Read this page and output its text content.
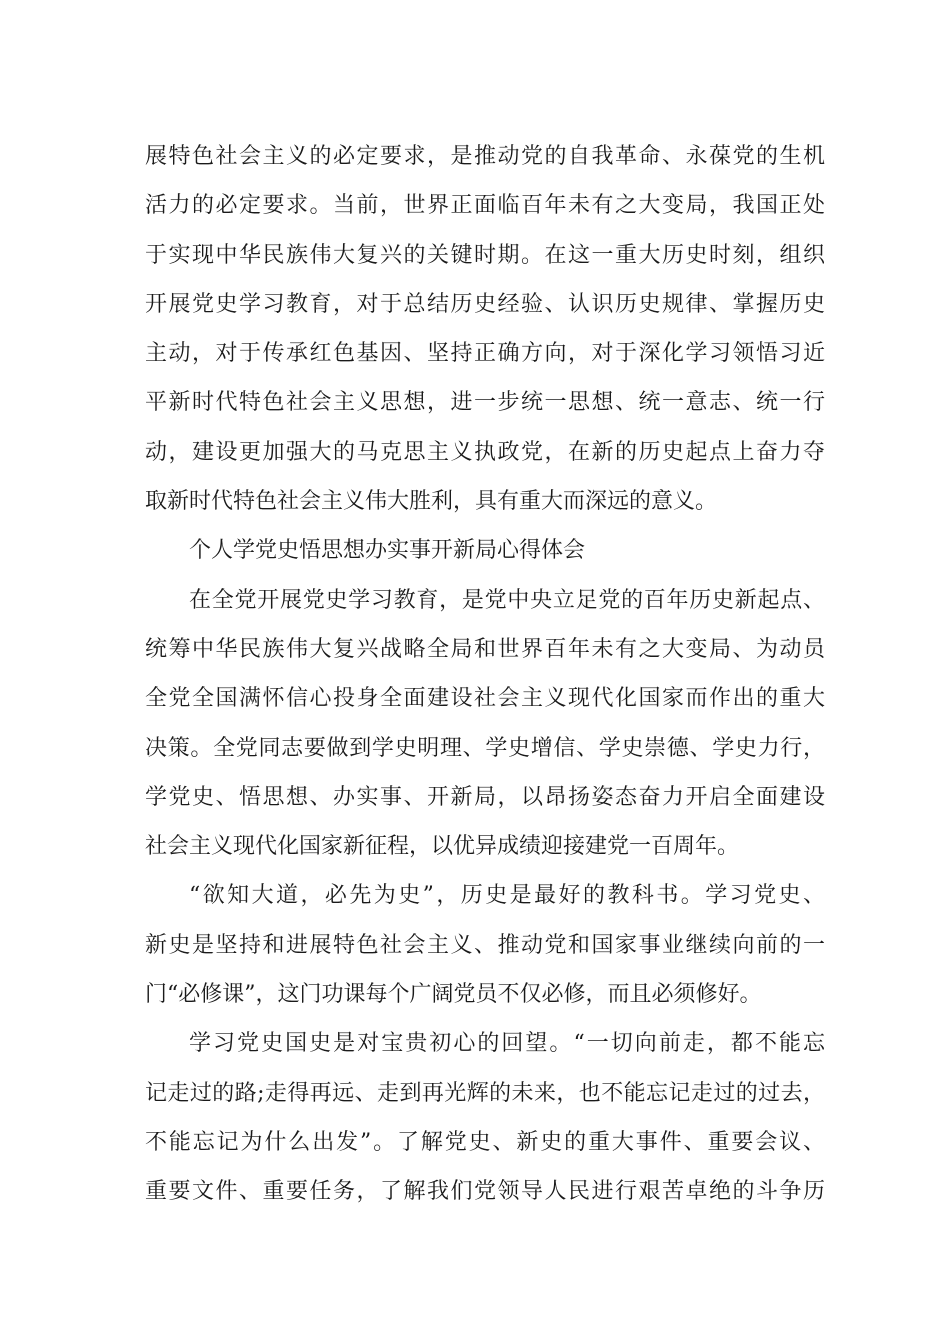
展特色社会主义的必定要求，是推动党的自我革命、永葆党的生机
活力的必定要求。当前，世界正面临百年未有之大变局，我国正处
于实现中华民族伟大复兴的关键时期。在这一重大历史时刻，组织
开展党史学习教育，对于总结历史经验、认识历史规律、掌握历史
主动，对于传承红色基因、坚持正确方向，对于深化学习领悟习近
平新时代特色社会主义思想，进一步统一思想、统一意志、统一行
动，建设更加强大的马克思主义执政党，在新的历史起点上奋力夺
取新时代特色社会主义伟大胜利，具有重大而深远的意义。
个人学党史悟思想办实事开新局心得体会
在全党开展党史学习教育，是党中央立足党的百年历史新起点、
统筹中华民族伟大复兴战略全局和世界百年未有之大变局、为动员
全党全国满怀信心投身全面建设社会主义现代化国家而作出的重大
决策。全党同志要做到学史明理、学史增信、学史崇德、学史力行，
学党史、悟思想、办实事、开新局，以昂扬姿态奋力开启全面建设
社会主义现代化国家新征程，以优异成绩迎接建党一百周年。
“欲知大道，必先为史”，历史是最好的教科书。学习党史、
新史是坚持和进展特色社会主义、推动党和国家事业继续向前的一
门“必修课”，这门功课每个广阔党员不仅必修，而且必须修好。
学习党史国史是对宝贵初心的回望。“一切向前走，都不能忘
记走过的路;走得再远、走到再光辉的未来，也不能忘记走过的过去，
不能忘记为什么出发”。了解党史、新史的重大事件、重要会议、
重要文件、重要任务，了解我们党领导人民进行艰苦卓绝的斗争历
